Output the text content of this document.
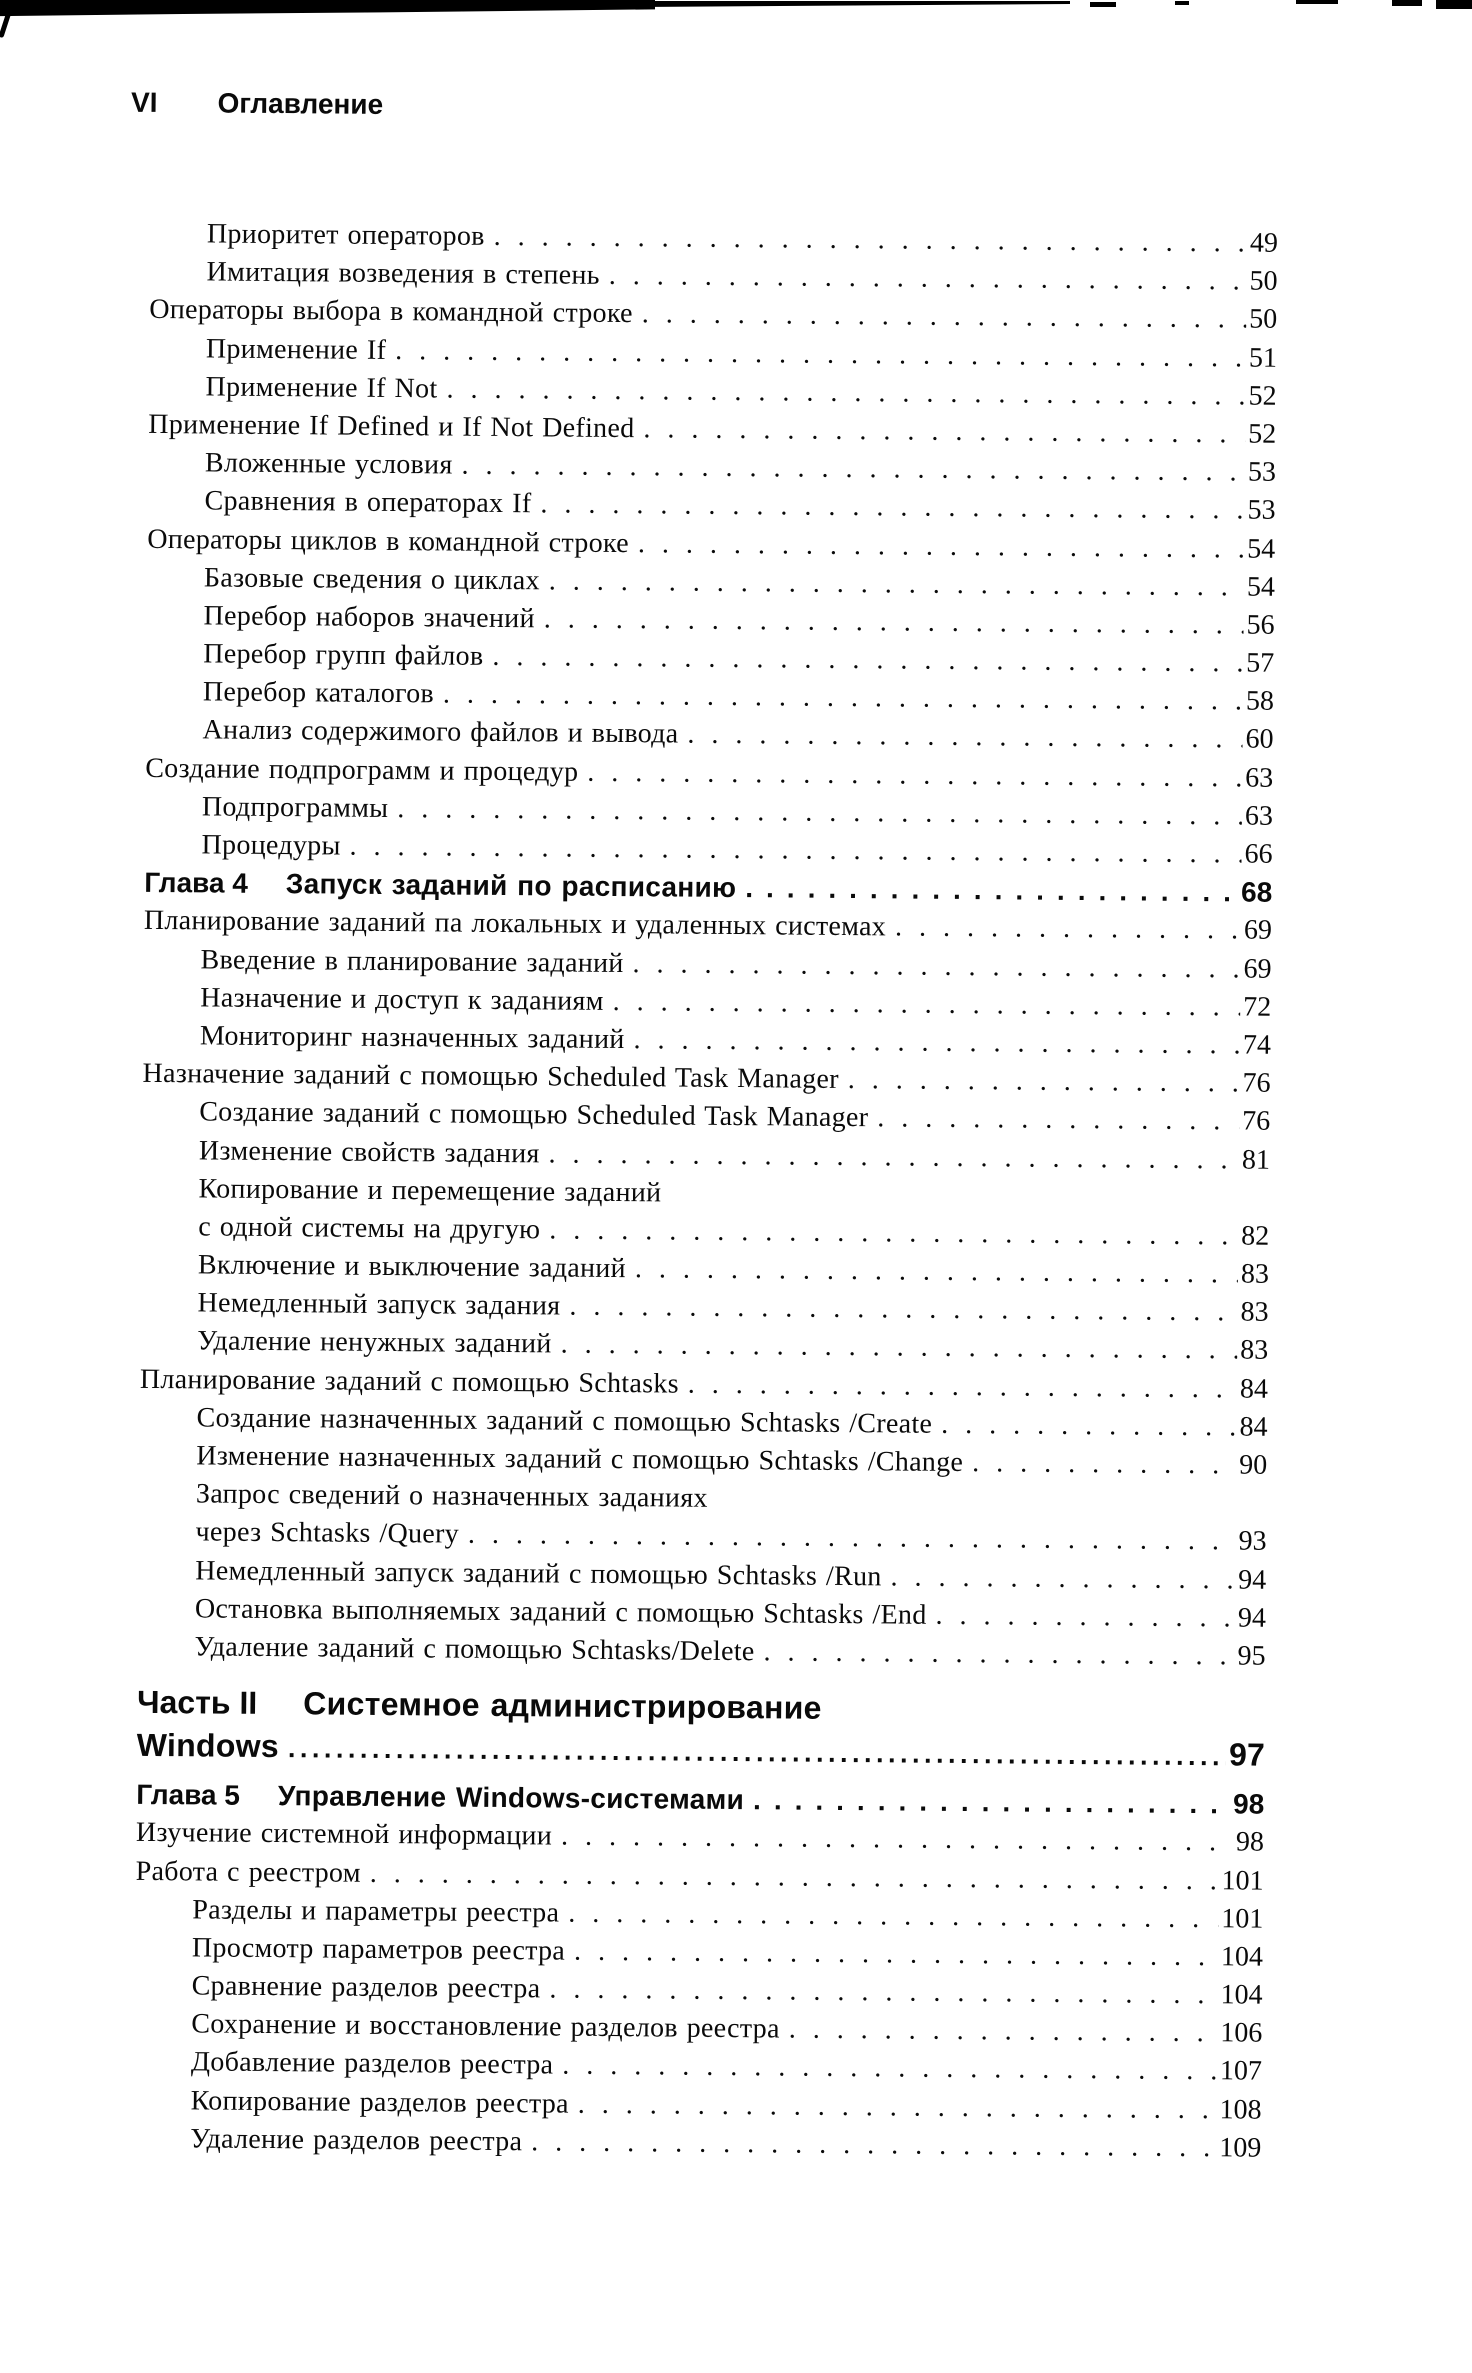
VI Оглавление
Приоритет операторов .....	49
Имитация возведения в степень .....	50
Операторы выбора в командной строке .....	50
Применение If .....	51
Применение If Not .....	52
Применение If Defined и If Not Defined .....	52
Вложенные условия .....	53
Сравнения в операторах If .....	53
Операторы циклов в командной строке .....	54
Базовые сведения о циклах .....	54
Перебор наборов значений .....	56
Перебор групп файлов .....	57
Перебор каталогов .....	58
Анализ содержимого файлов и вывода .....	60
Создание подпрограмм и процедур .....	63
Подпрограммы .....	63
Процедуры .....	66
Глава 4 Запуск заданий по расписанию .....	68
Планирование заданий па локальных и удаленных системах .....	69
Введение в планирование заданий .....	69
Назначение и доступ к заданиям .....	72
Мониторинг назначенных заданий .....	74
Назначение заданий с помощью Scheduled Task Manager .....	76
Создание заданий с помощью Scheduled Task Manager .....	76
Изменение свойств задания .....	81
Копирование и перемещение заданий
с одной системы на другую .....	82
Включение и выключение заданий .....	83
Немедленный запуск задания .....	83
Удаление ненужных заданий .....	83
Планирование заданий с помощью Schtasks .....	84
Создание назначенных заданий с помощью Schtasks /Create .....	84
Изменение назначенных заданий с помощью Schtasks /Change .....	90
Запрос сведений о назначенных заданиях
через Schtasks /Query .....	93
Немедленный запуск заданий с помощью Schtasks /Run .....	94
Остановка выполняемых заданий с помощью Schtasks /End .....	94
Удаление заданий с помощью Schtasks/Delete .....	95
Часть II Системное администрирование
Windows .....	97
Глава 5 Управление Windows-системами .....	98
Изучение системной информации .....	98
Работа с реестром .....	101
Разделы и параметры реестра .....	101
Просмотр параметров реестра .....	104
Сравнение разделов реестра .....	104
Сохранение и восстановление разделов реестра .....	106
Добавление разделов реестра .....	107
Копирование разделов реестра .....	108
Удаление разделов реестра .....	109
